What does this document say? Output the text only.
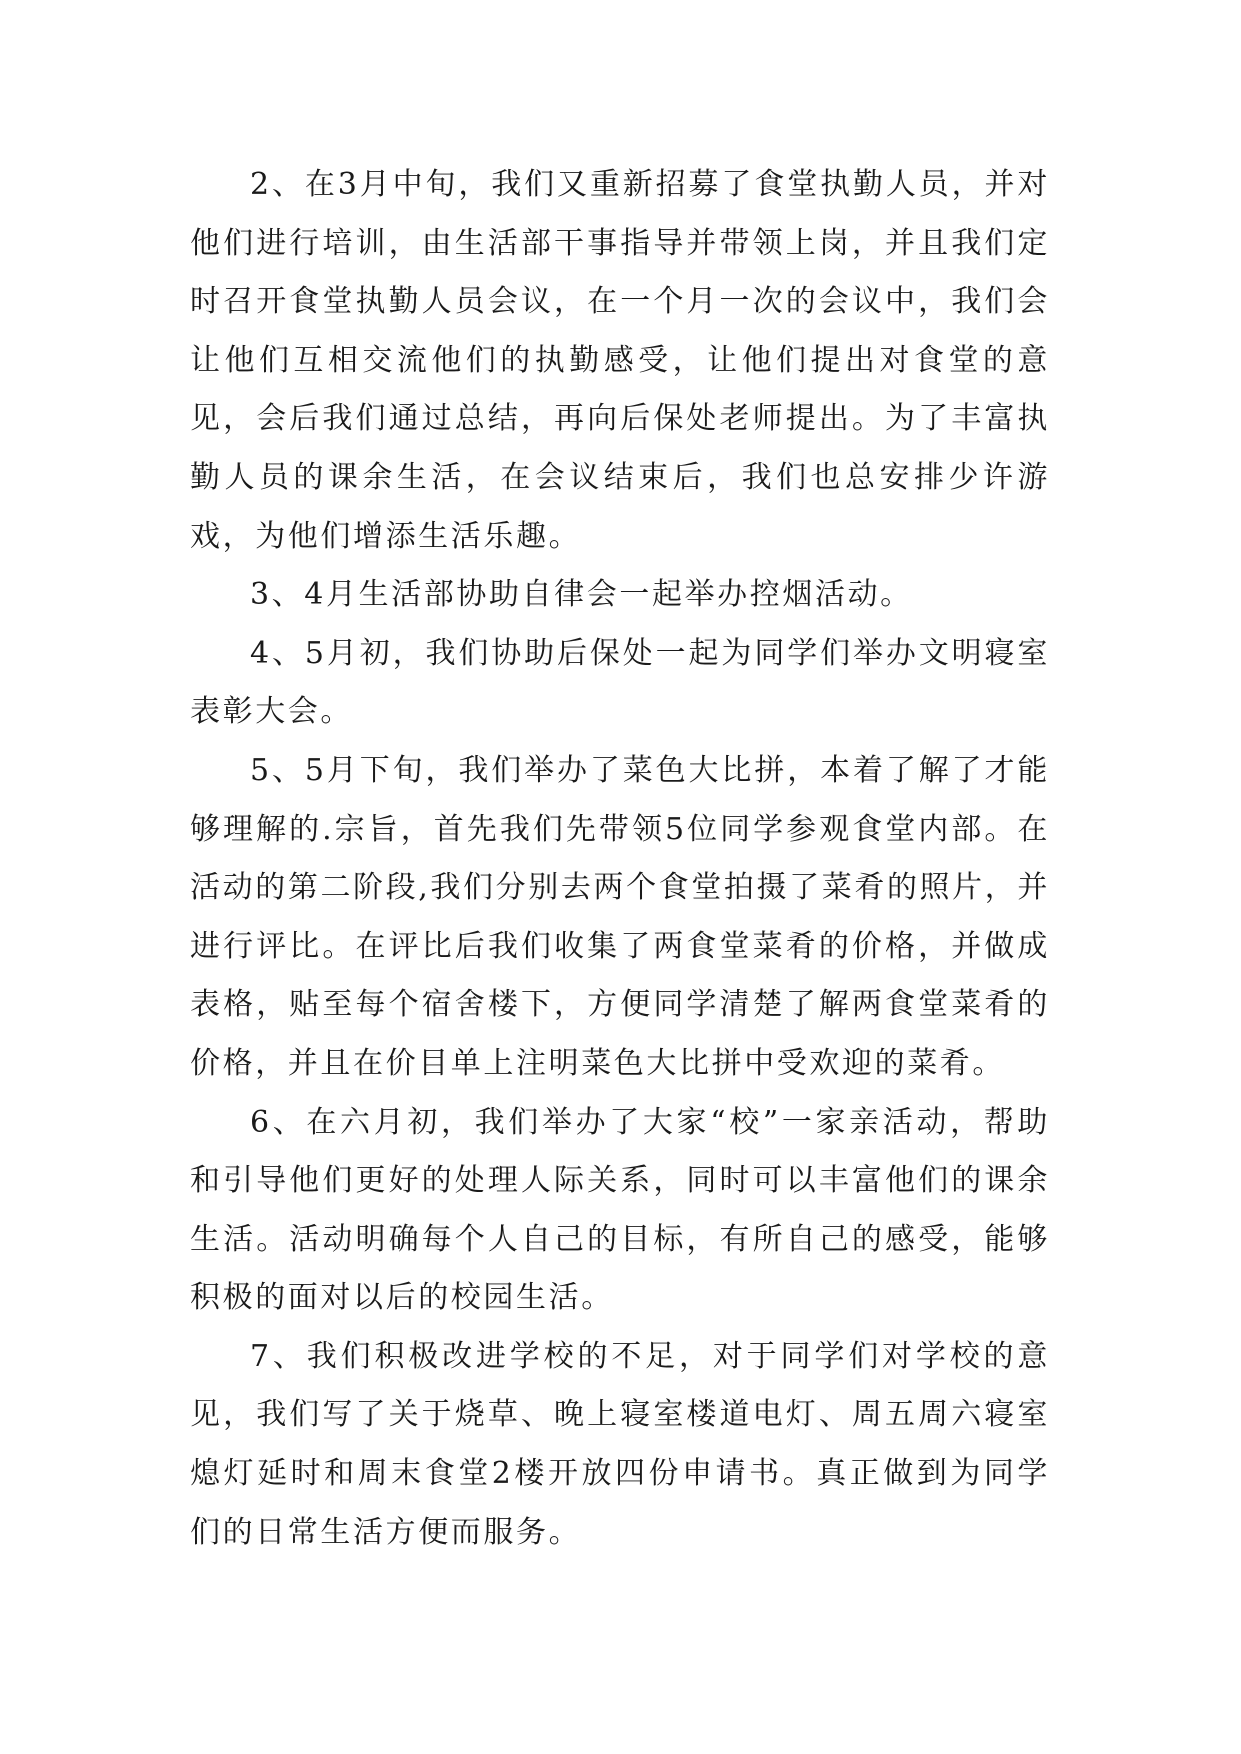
2、在3月中旬，我们又重新招募了食堂执勤人员，并对他们进行培训，由生活部干事指导并带领上岗，并且我们定时召开食堂执勤人员会议，在一个月一次的会议中，我们会让他们互相交流他们的执勤感受，让他们提出对食堂的意见，会后我们通过总结，再向后保处老师提出。为了丰富执勤人员的课余生活，在会议结束后，我们也总安排少许游戏，为他们增添生活乐趣。

3、4月生活部协助自律会一起举办控烟活动。

4、5月初，我们协助后保处一起为同学们举办文明寝室表彰大会。

5、5月下旬，我们举办了菜色大比拼，本着了解了才能够理解的.宗旨，首先我们先带领5位同学参观食堂内部。在活动的第二阶段,我们分别去两个食堂拍摄了菜肴的照片，并进行评比。在评比后我们收集了两食堂菜肴的价格，并做成表格，贴至每个宿舍楼下，方便同学清楚了解两食堂菜肴的价格，并且在价目单上注明菜色大比拼中受欢迎的菜肴。

6、在六月初，我们举办了大家“校”一家亲活动，帮助和引导他们更好的处理人际关系，同时可以丰富他们的课余生活。活动明确每个人自己的目标，有所自己的感受，能够积极的面对以后的校园生活。

7、我们积极改进学校的不足，对于同学们对学校的意见，我们写了关于烧草、晚上寝室楼道电灯、周五周六寝室熄灯延时和周末食堂2楼开放四份申请书。真正做到为同学们的日常生活方便而服务。
